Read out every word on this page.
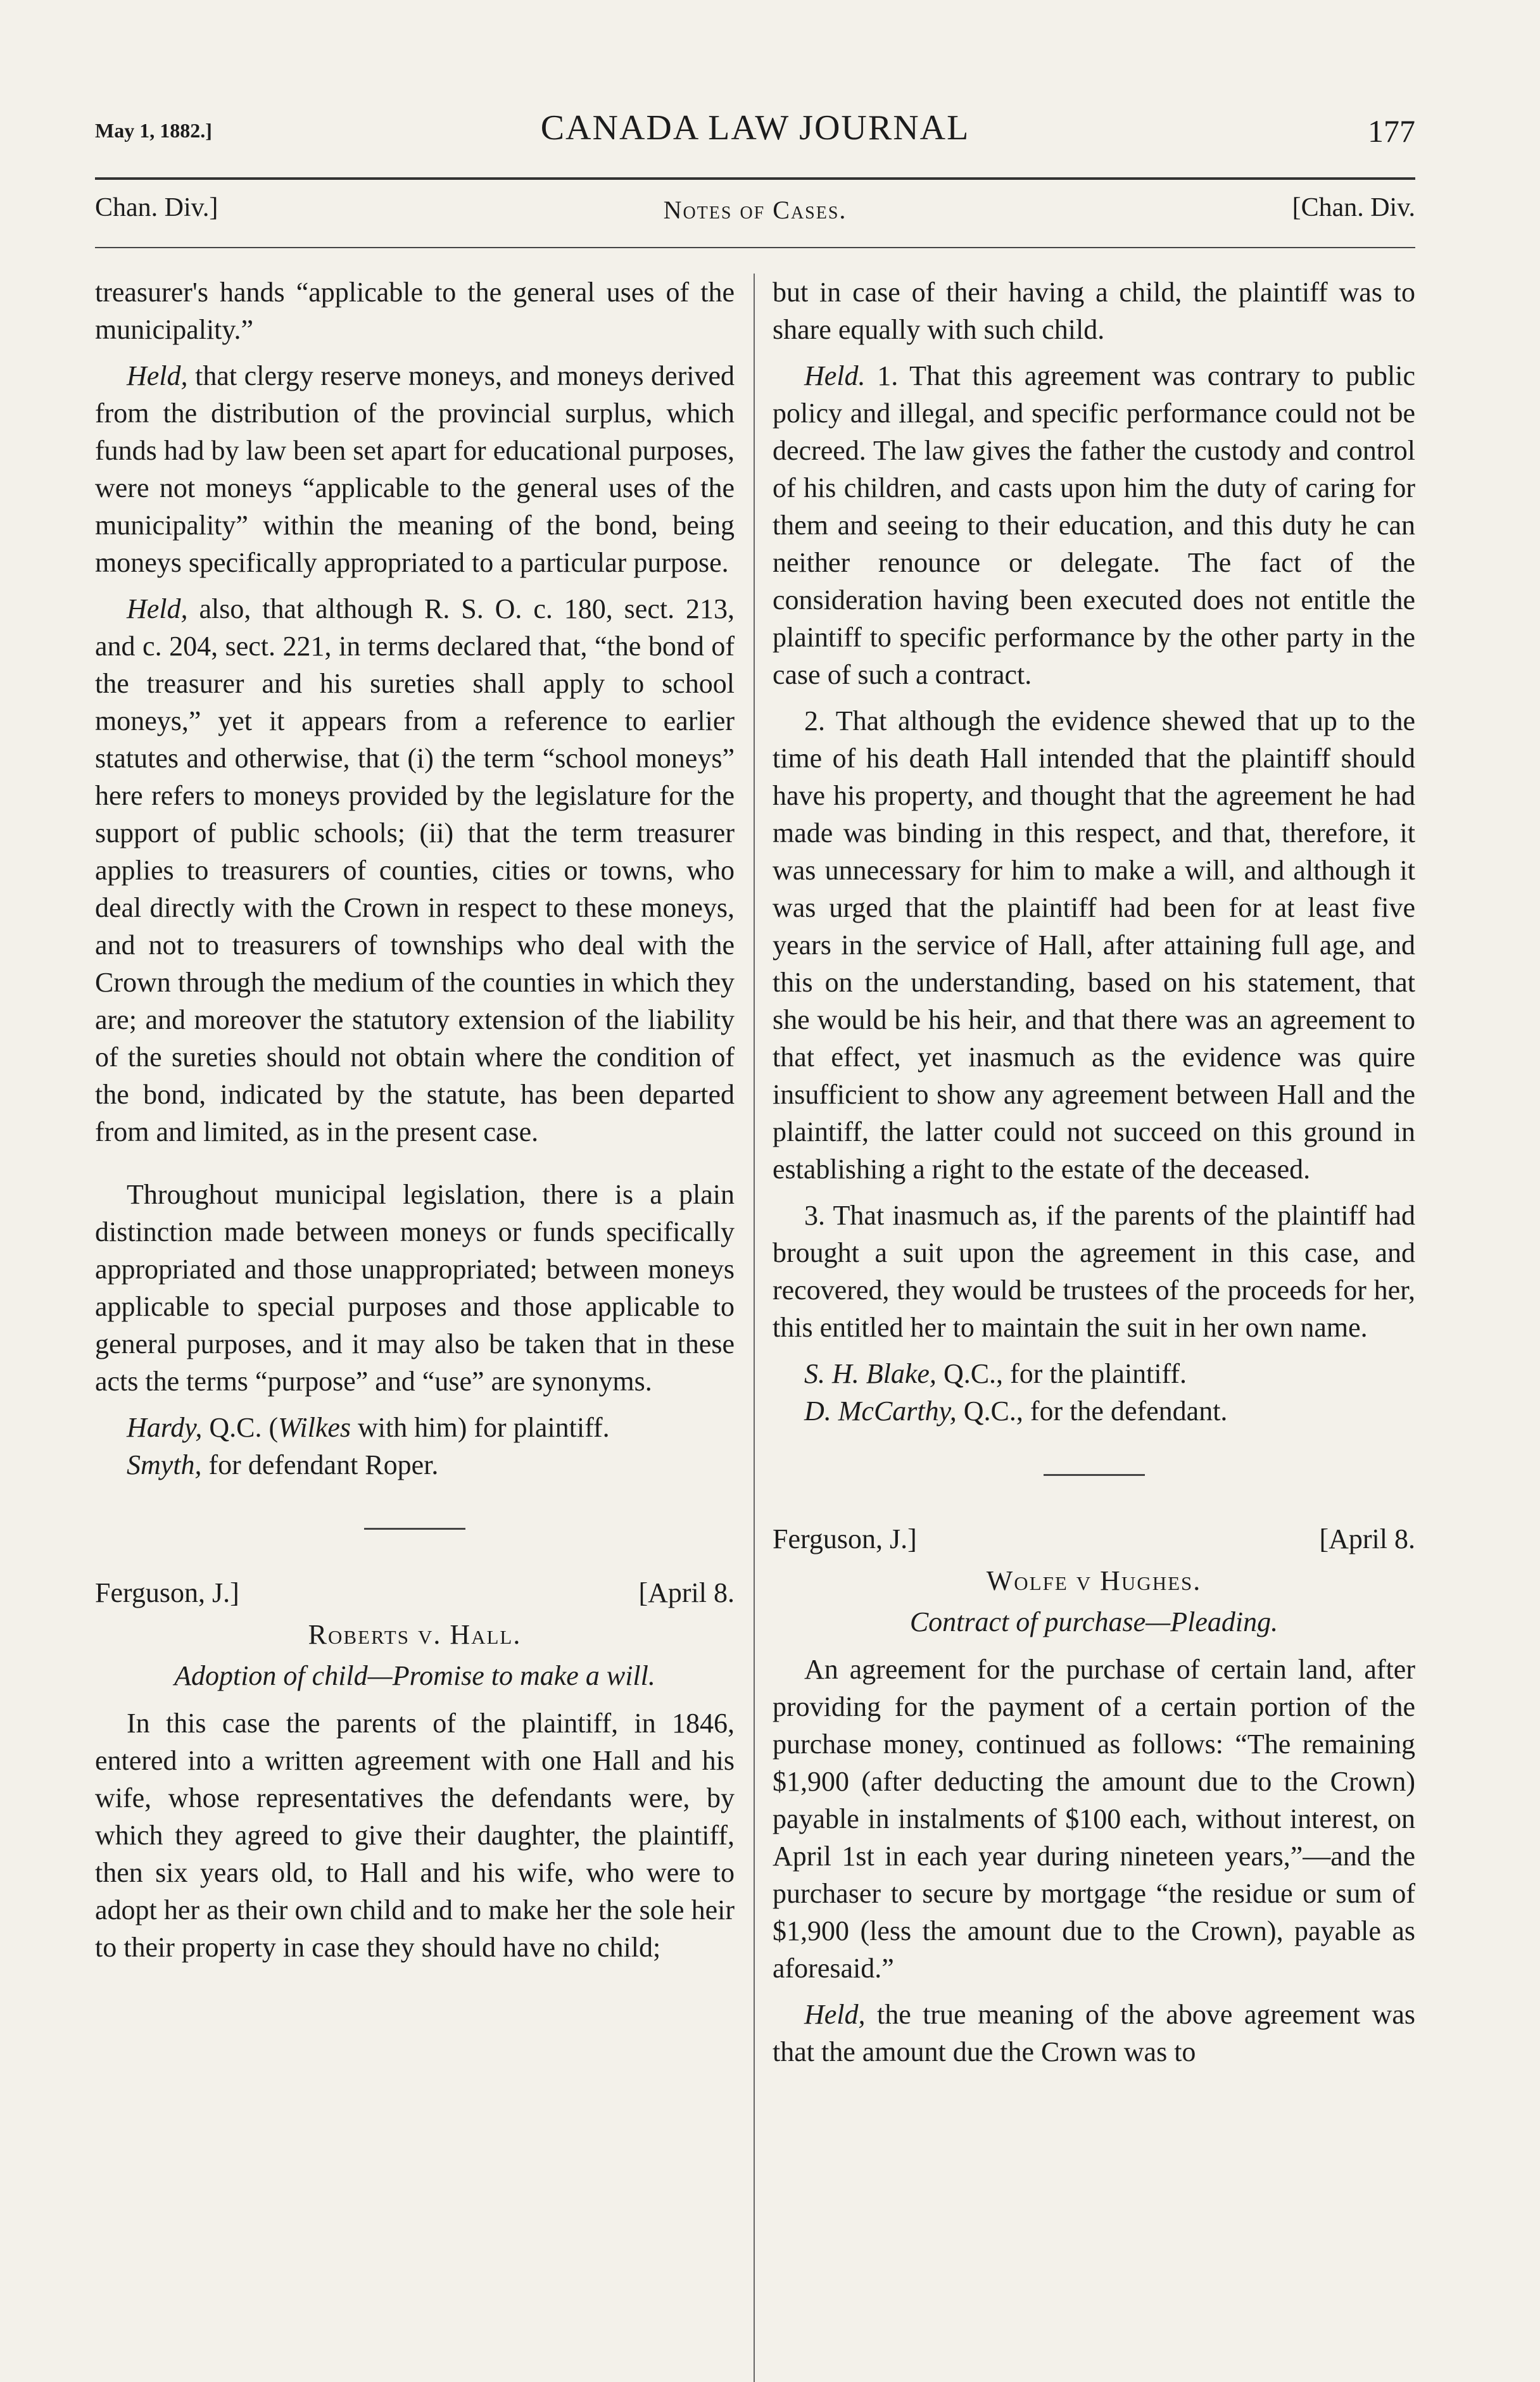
May 1, 1882.]	CANADA LAW JOURNAL	177
Chan. Div.]	Notes of Cases.	[Chan. Div.

treasurer's hands “applicable to the general uses of the municipality.”

Held, that clergy reserve moneys, and moneys derived from the distribution of the provincial surplus, which funds had by law been set apart for educational purposes, were not moneys “applicable to the general uses of the municipality” within the meaning of the bond, being moneys specifically appropriated to a particular purpose.

Held, also, that although R. S. O. c. 180, sect. 213, and c. 204, sect. 221, in terms declared that, “the bond of the treasurer and his sureties shall apply to school moneys,” yet it appears from a reference to earlier statutes and otherwise, that (i) the term “school moneys” here refers to moneys provided by the legislature for the support of public schools; (ii) that the term treasurer applies to treasurers of counties, cities or towns, who deal directly with the Crown in respect to these moneys, and not to treasurers of townships who deal with the Crown through the medium of the counties in which they are; and moreover the statutory extension of the liability of the sureties should not obtain where the condition of the bond, indicated by the statute, has been departed from and limited, as in the present case.

Throughout municipal legislation, there is a plain distinction made between moneys or funds specifically appropriated and those unappropriated; between moneys applicable to special purposes and those applicable to general purposes, and it may also be taken that in these acts the terms “purpose” and “use” are synonyms.

Hardy, Q.C. (Wilkes with him) for plaintiff.

Smyth, for defendant Roper.

Ferguson, J.]	[April 8.
Roberts v. Hall.
Adoption of child—Promise to make a will.

In this case the parents of the plaintiff, in 1846, entered into a written agreement with one Hall and his wife, whose representatives the defendants were, by which they agreed to give their daughter, the plaintiff, then six years old, to Hall and his wife, who were to adopt her as their own child and to make her the sole heir to their property in case they should have no child;

but in case of their having a child, the plaintiff was to share equally with such child.

Held. 1. That this agreement was contrary to public policy and illegal, and specific performance could not be decreed. The law gives the father the custody and control of his children, and casts upon him the duty of caring for them and seeing to their education, and this duty he can neither renounce or delegate. The fact of the consideration having been executed does not entitle the plaintiff to specific performance by the other party in the case of such a contract.

2. That although the evidence shewed that up to the time of his death Hall intended that the plaintiff should have his property, and thought that the agreement he had made was binding in this respect, and that, therefore, it was unnecessary for him to make a will, and although it was urged that the plaintiff had been for at least five years in the service of Hall, after attaining full age, and this on the understanding, based on his statement, that she would be his heir, and that there was an agreement to that effect, yet inasmuch as the evidence was quire insufficient to show any agreement between Hall and the plaintiff, the latter could not succeed on this ground in establishing a right to the estate of the deceased.

3. That inasmuch as, if the parents of the plaintiff had brought a suit upon the agreement in this case, and recovered, they would be trustees of the proceeds for her, this entitled her to maintain the suit in her own name.

S. H. Blake, Q.C., for the plaintiff.

D. McCarthy, Q.C., for the defendant.

Ferguson, J.]	[April 8.
Wolfe v Hughes.
Contract of purchase—Pleading.

An agreement for the purchase of certain land, after providing for the payment of a certain portion of the purchase money, continued as follows: “The remaining $1,900 (after deducting the amount due to the Crown) payable in instalments of $100 each, without interest, on April 1st in each year during nineteen years,”—and the purchaser to secure by mortgage “the residue or sum of $1,900 (less the amount due to the Crown), payable as aforesaid.”

Held, the true meaning of the above agreement was that the amount due the Crown was to
